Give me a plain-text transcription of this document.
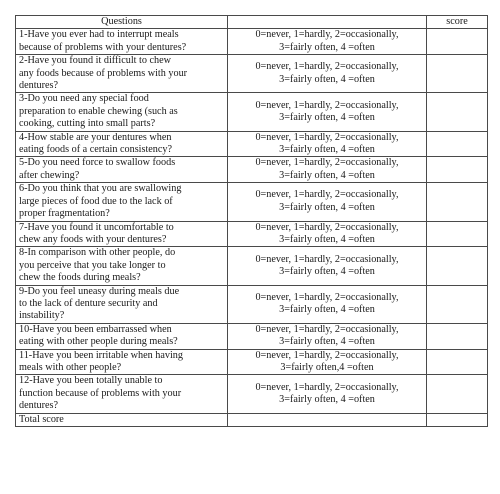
Questions		score

1-Have you ever had to interrupt meals
because of problems with your dentures?	0=never, 1=hardly, 2=occasionally,
3=fairly often, 4 =often	

2-Have you found it difficult to chew
any foods because of problems with your
dentures?	0=never, 1=hardly, 2=occasionally,
3=fairly often, 4 =often	

3-Do you need any special food
preparation to enable chewing (such as
cooking, cutting into small parts?	0=never, 1=hardly, 2=occasionally,
3=fairly often, 4 =often	

4-How stable are your dentures when
eating foods of a certain consistency?	0=never, 1=hardly, 2=occasionally,
3=fairly often, 4 =often	

5-Do you need force to swallow foods
after chewing?	0=never, 1=hardly, 2=occasionally,
3=fairly often, 4 =often	

6-Do you think that you are swallowing
large pieces of food due to the lack of
proper fragmentation?	0=never, 1=hardly, 2=occasionally,
3=fairly often, 4 =often	

7-Have you found it uncomfortable to
chew any foods with your dentures?	0=never, 1=hardly, 2=occasionally,
3=fairly often, 4 =often	

8-In comparison with other people, do
you perceive that you take longer to
chew the foods during meals?	0=never, 1=hardly, 2=occasionally,
3=fairly often, 4 =often	

9-Do you feel uneasy during meals due
to the lack of denture security and
instability?	0=never, 1=hardly, 2=occasionally,
3=fairly often, 4 =often	

10-Have you been embarrassed when
eating with other people during meals?	0=never, 1=hardly, 2=occasionally,
3=fairly often, 4 =often	

11-Have you been irritable when having
meals with other people?	0=never, 1=hardly, 2=occasionally,
3=fairly often,4 =often	

12-Have you been totally unable to
function because of problems with your
dentures?	0=never, 1=hardly, 2=occasionally,
3=fairly often, 4 =often	

Total score		
